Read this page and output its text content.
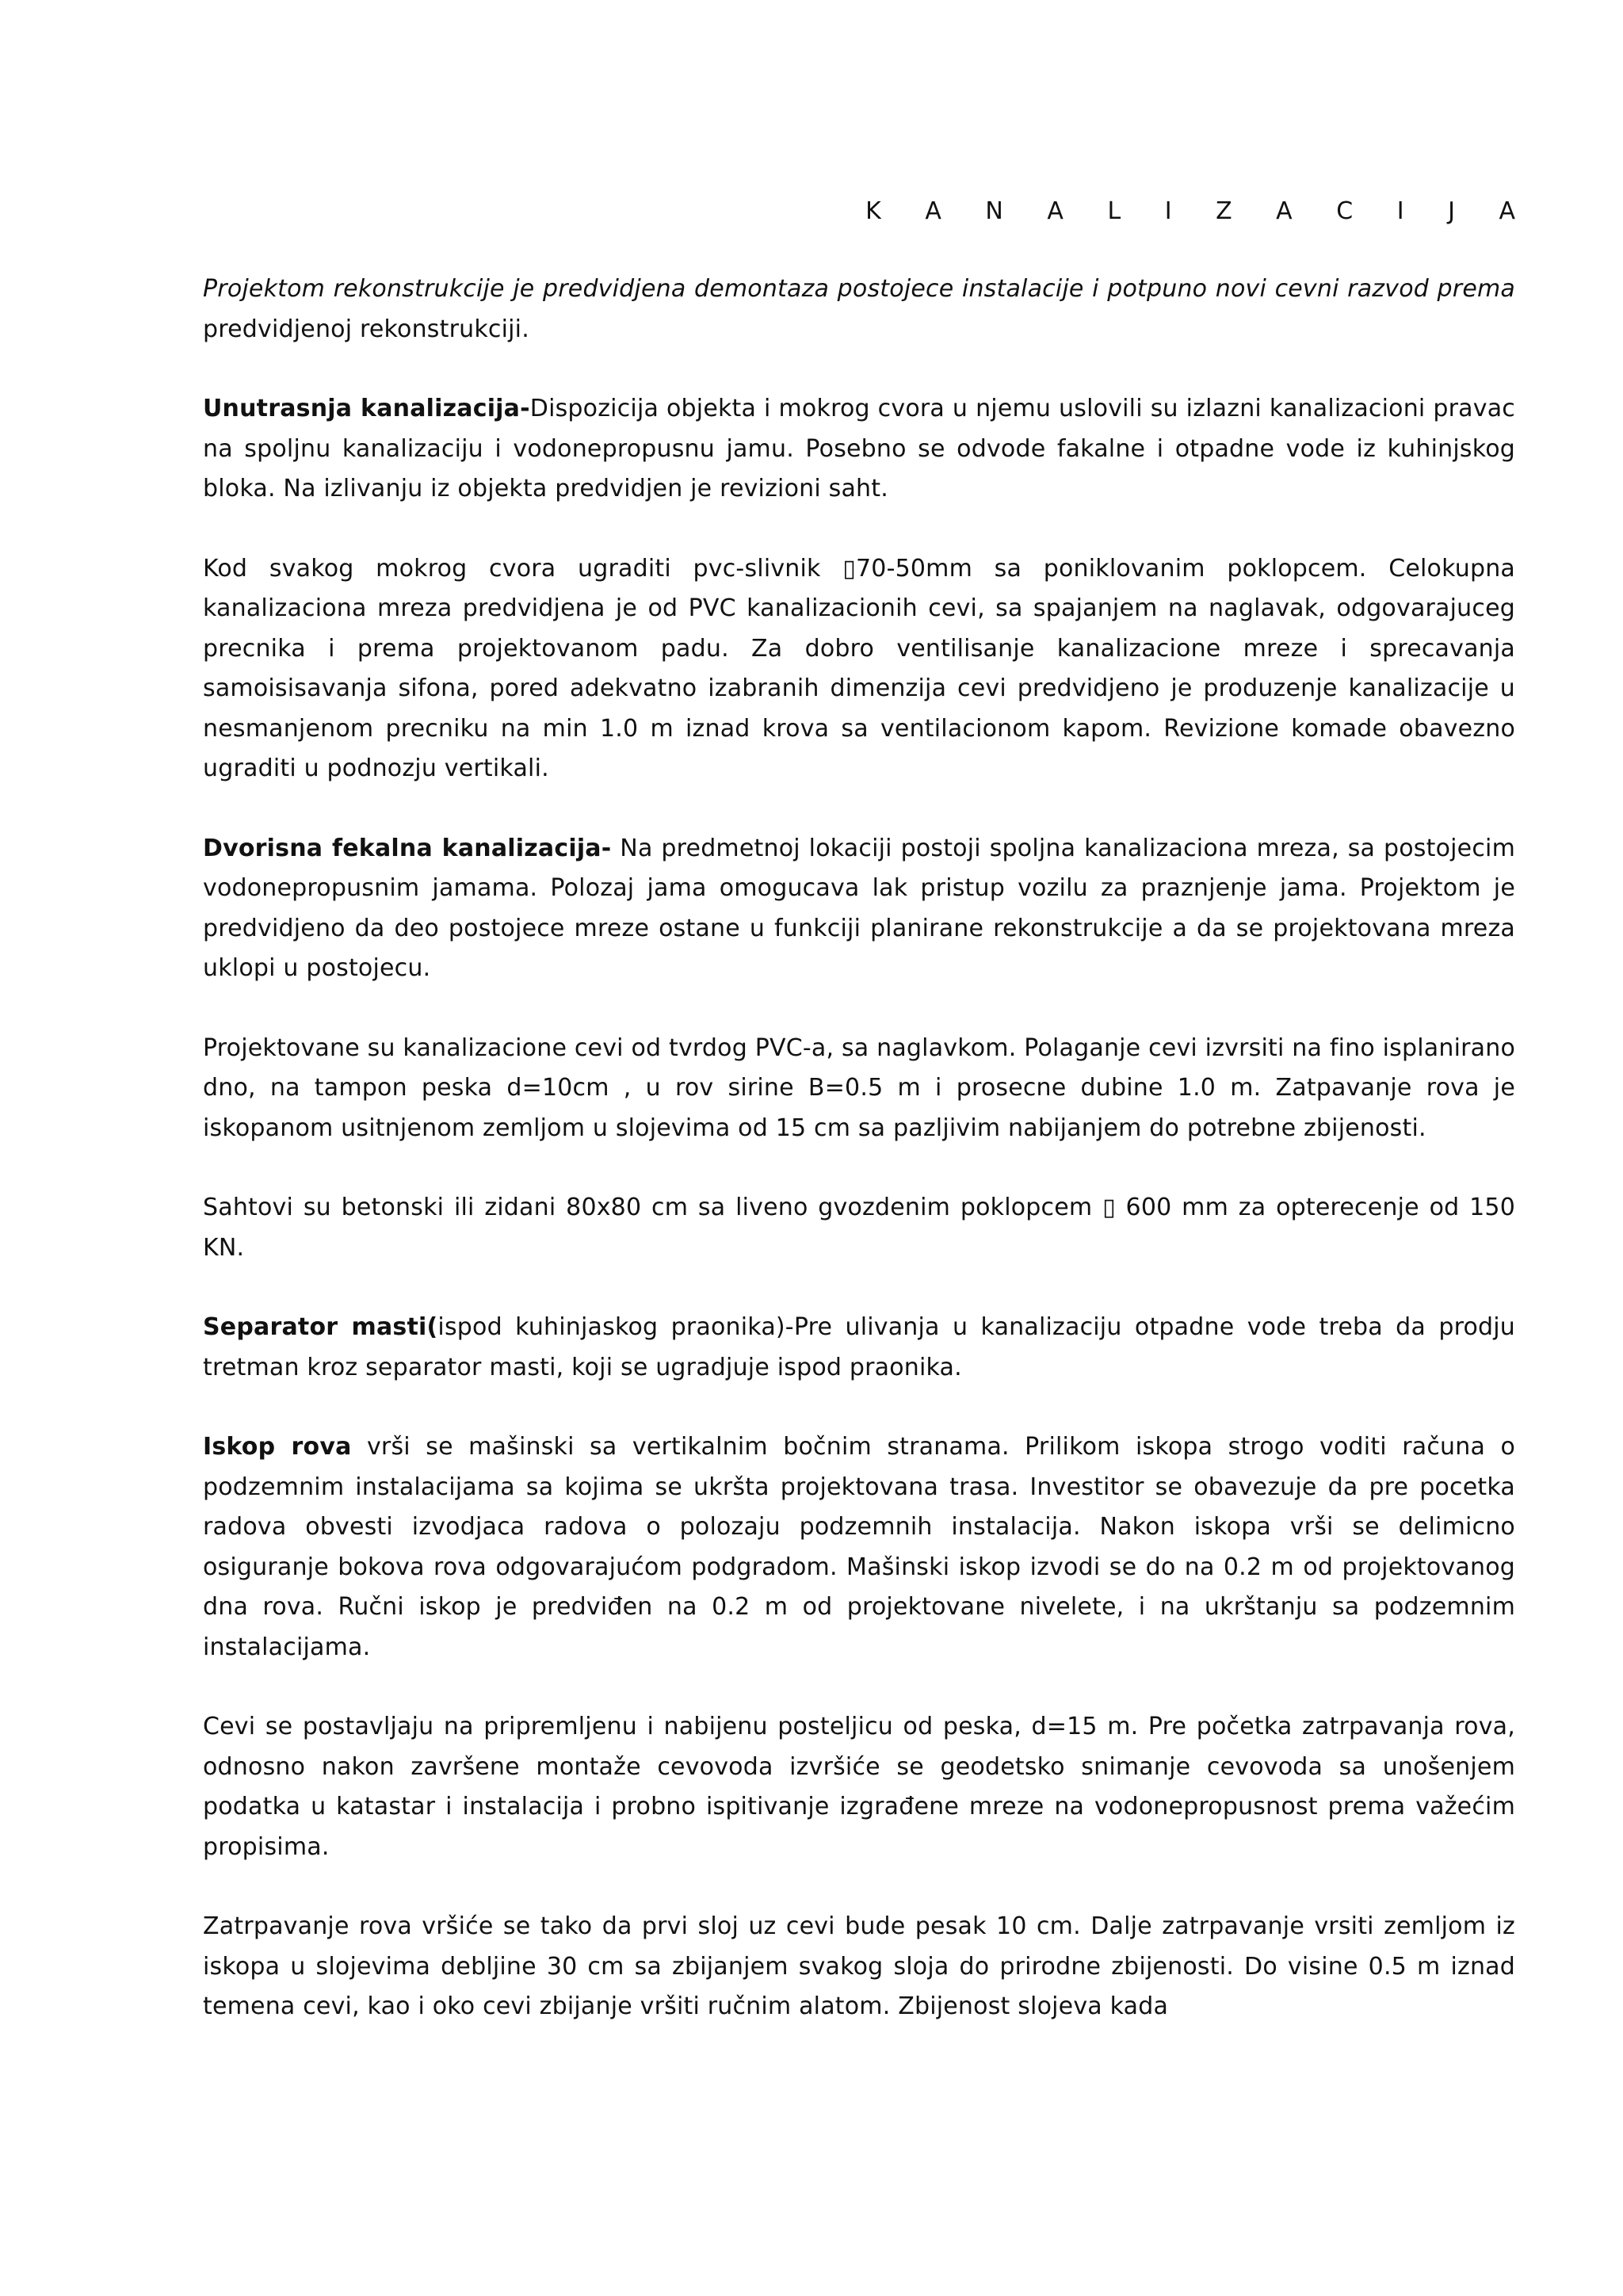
K A N A L I Z A C I J A

Projektom rekonstrukcije je predvidjena demontaza postojece instalacije i potpuno novi cevni razvod prema predvidjenoj rekonstrukciji.

Unutrasnja kanalizacija-Dispozicija objekta i mokrog cvora u njemu uslovili su izlazni kanalizacioni pravac na spoljnu kanalizaciju i vodonepropusnu jamu. Posebno se odvode fakalne i otpadne vode iz kuhinjskog bloka. Na izlivanju iz objekta predvidjen je revizioni saht.

Kod svakog mokrog cvora ugraditi pvc-slivnik ▯70-50mm sa poniklovanim poklopcem. Celokupna kanalizaciona mreza predvidjena je od PVC kanalizacionih cevi, sa spajanjem na naglavak, odgovarajuceg precnika i prema projektovanom padu. Za dobro ventilisanje kanalizacione mreze i sprecavanja samoisisavanja sifona, pored adekvatno izabranih dimenzija cevi predvidjeno je produzenje kanalizacije u nesmanjenom precniku na min 1.0 m iznad krova sa ventilacionom kapom. Revizione komade obavezno ugraditi u podnozju vertikali.

Dvorisna fekalna kanalizacija- Na predmetnoj lokaciji postoji spoljna kanalizaciona mreza, sa postojecim vodonepropusnim jamama. Polozaj jama omogucava lak pristup vozilu za praznjenje jama. Projektom je predvidjeno da deo postojece mreze ostane u funkciji planirane rekonstrukcije a da se projektovana mreza uklopi u postojecu.

Projektovane su kanalizacione cevi od tvrdog PVC-a, sa naglavkom. Polaganje cevi izvrsiti na fino isplanirano dno, na tampon peska d=10cm , u rov sirine B=0.5 m i prosecne dubine 1.0 m. Zatpavanje rova je iskopanom usitnjenom zemljom u slojevima od 15 cm sa pazljivim nabijanjem do potrebne zbijenosti.

Sahtovi su betonski ili zidani 80x80 cm sa liveno gvozdenim poklopcem ▯ 600 mm za opterecenje od 150 KN.

Separator masti(ispod kuhinjaskog praonika)-Pre ulivanja u kanalizaciju otpadne vode treba da prodju tretman kroz separator masti, koji se ugradjuje ispod praonika.

Iskop rova vrši se mašinski sa vertikalnim bočnim stranama. Prilikom iskopa strogo voditi računa o podzemnim instalacijama sa kojima se ukršta projektovana trasa. Investitor se obavezuje da pre pocetka radova obvesti izvodjaca radova o polozaju podzemnih instalacija. Nakon iskopa vrši se delimicno osiguranje bokova rova odgovarajućom podgradom. Mašinski iskop izvodi se do na 0.2 m od projektovanog dna rova. Ručni iskop je predviđen na 0.2 m od projektovane nivelete, i na ukrštanju sa podzemnim instalacijama.

Cevi se postavljaju na pripremljenu i nabijenu posteljicu od peska, d=15 m. Pre početka zatrpavanja rova, odnosno nakon završene montaže cevovoda izvršiće se geodetsko snimanje cevovoda sa unošenjem podatka u katastar i instalacija i probno ispitivanje izgrađene mreze na vodonepropusnost prema važećim propisima.

Zatrpavanje rova vršiće se tako da prvi sloj uz cevi bude pesak 10 cm. Dalje zatrpavanje vrsiti zemljom iz iskopa u slojevima debljine 30 cm sa zbijanjem svakog sloja do prirodne zbijenosti. Do visine 0.5 m iznad temena cevi, kao i oko cevi zbijanje vršiti ručnim alatom. Zbijenost slojeva kada
